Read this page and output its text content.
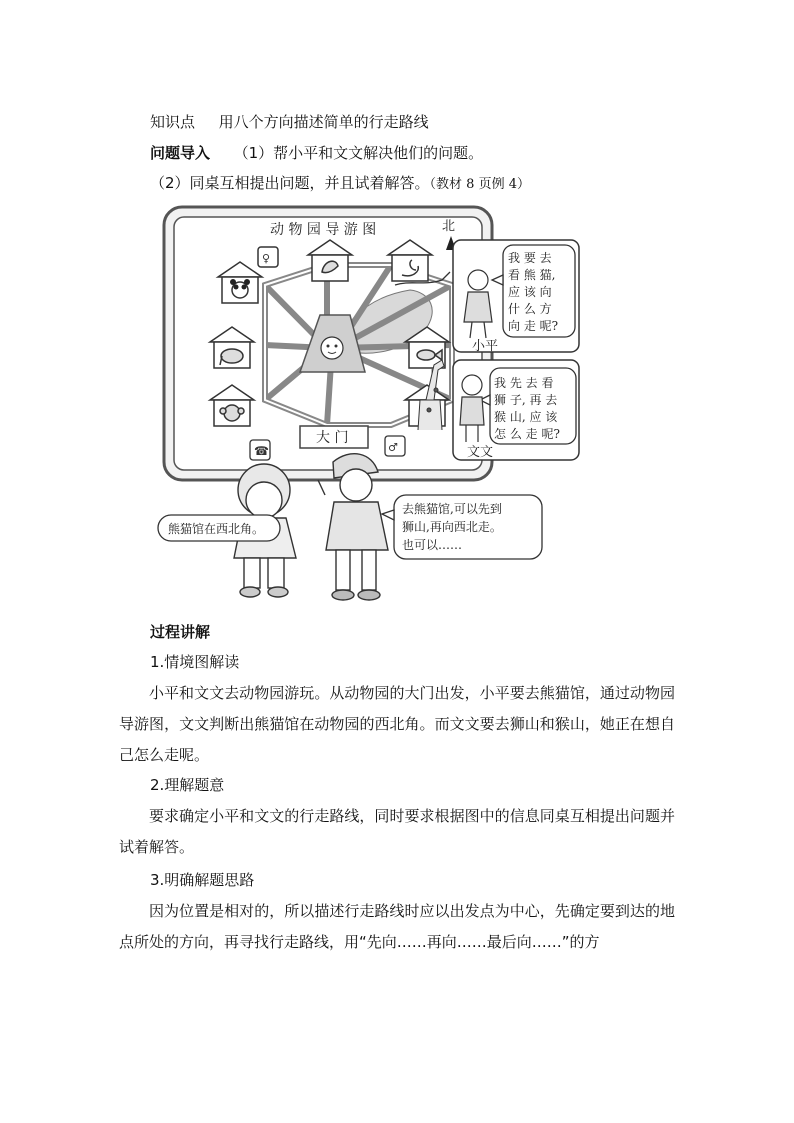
知识点 用八个方向描述简单的行走路线
问题导入 （1）帮小平和文文解决他们的问题。
（2）同桌互相提出问题，并且试着解答。（教材 8 页例 4）
动 物 园 导 游 图	北
♀
大 门
☎	♂
我 要 去
看 熊 猫,
应 该 向
什 么 方
向 走 呢?
小平
我 先 去 看
狮 子, 再 去
猴 山, 应 该
怎 么 走 呢?
文文
熊猫馆在西北角。
去熊猫馆,可以先到
狮山,再向西北走。
也可以……
过程讲解
1.情境图解读
小平和文文去动物园游玩。从动物园的大门出发，小平要去熊猫馆，通过动物园导游图，文文判断出熊猫馆在动物园的西北角。而文文要去狮山和猴山，她正在想自己怎么走呢。
2.理解题意
要求确定小平和文文的行走路线，同时要求根据图中的信息同桌互相提出问题并试着解答。
3.明确解题思路
因为位置是相对的，所以描述行走路线时应以出发点为中心，先确定要到达的地点所处的方向，再寻找行走路线，用“先向……再向……最后向……”的方
